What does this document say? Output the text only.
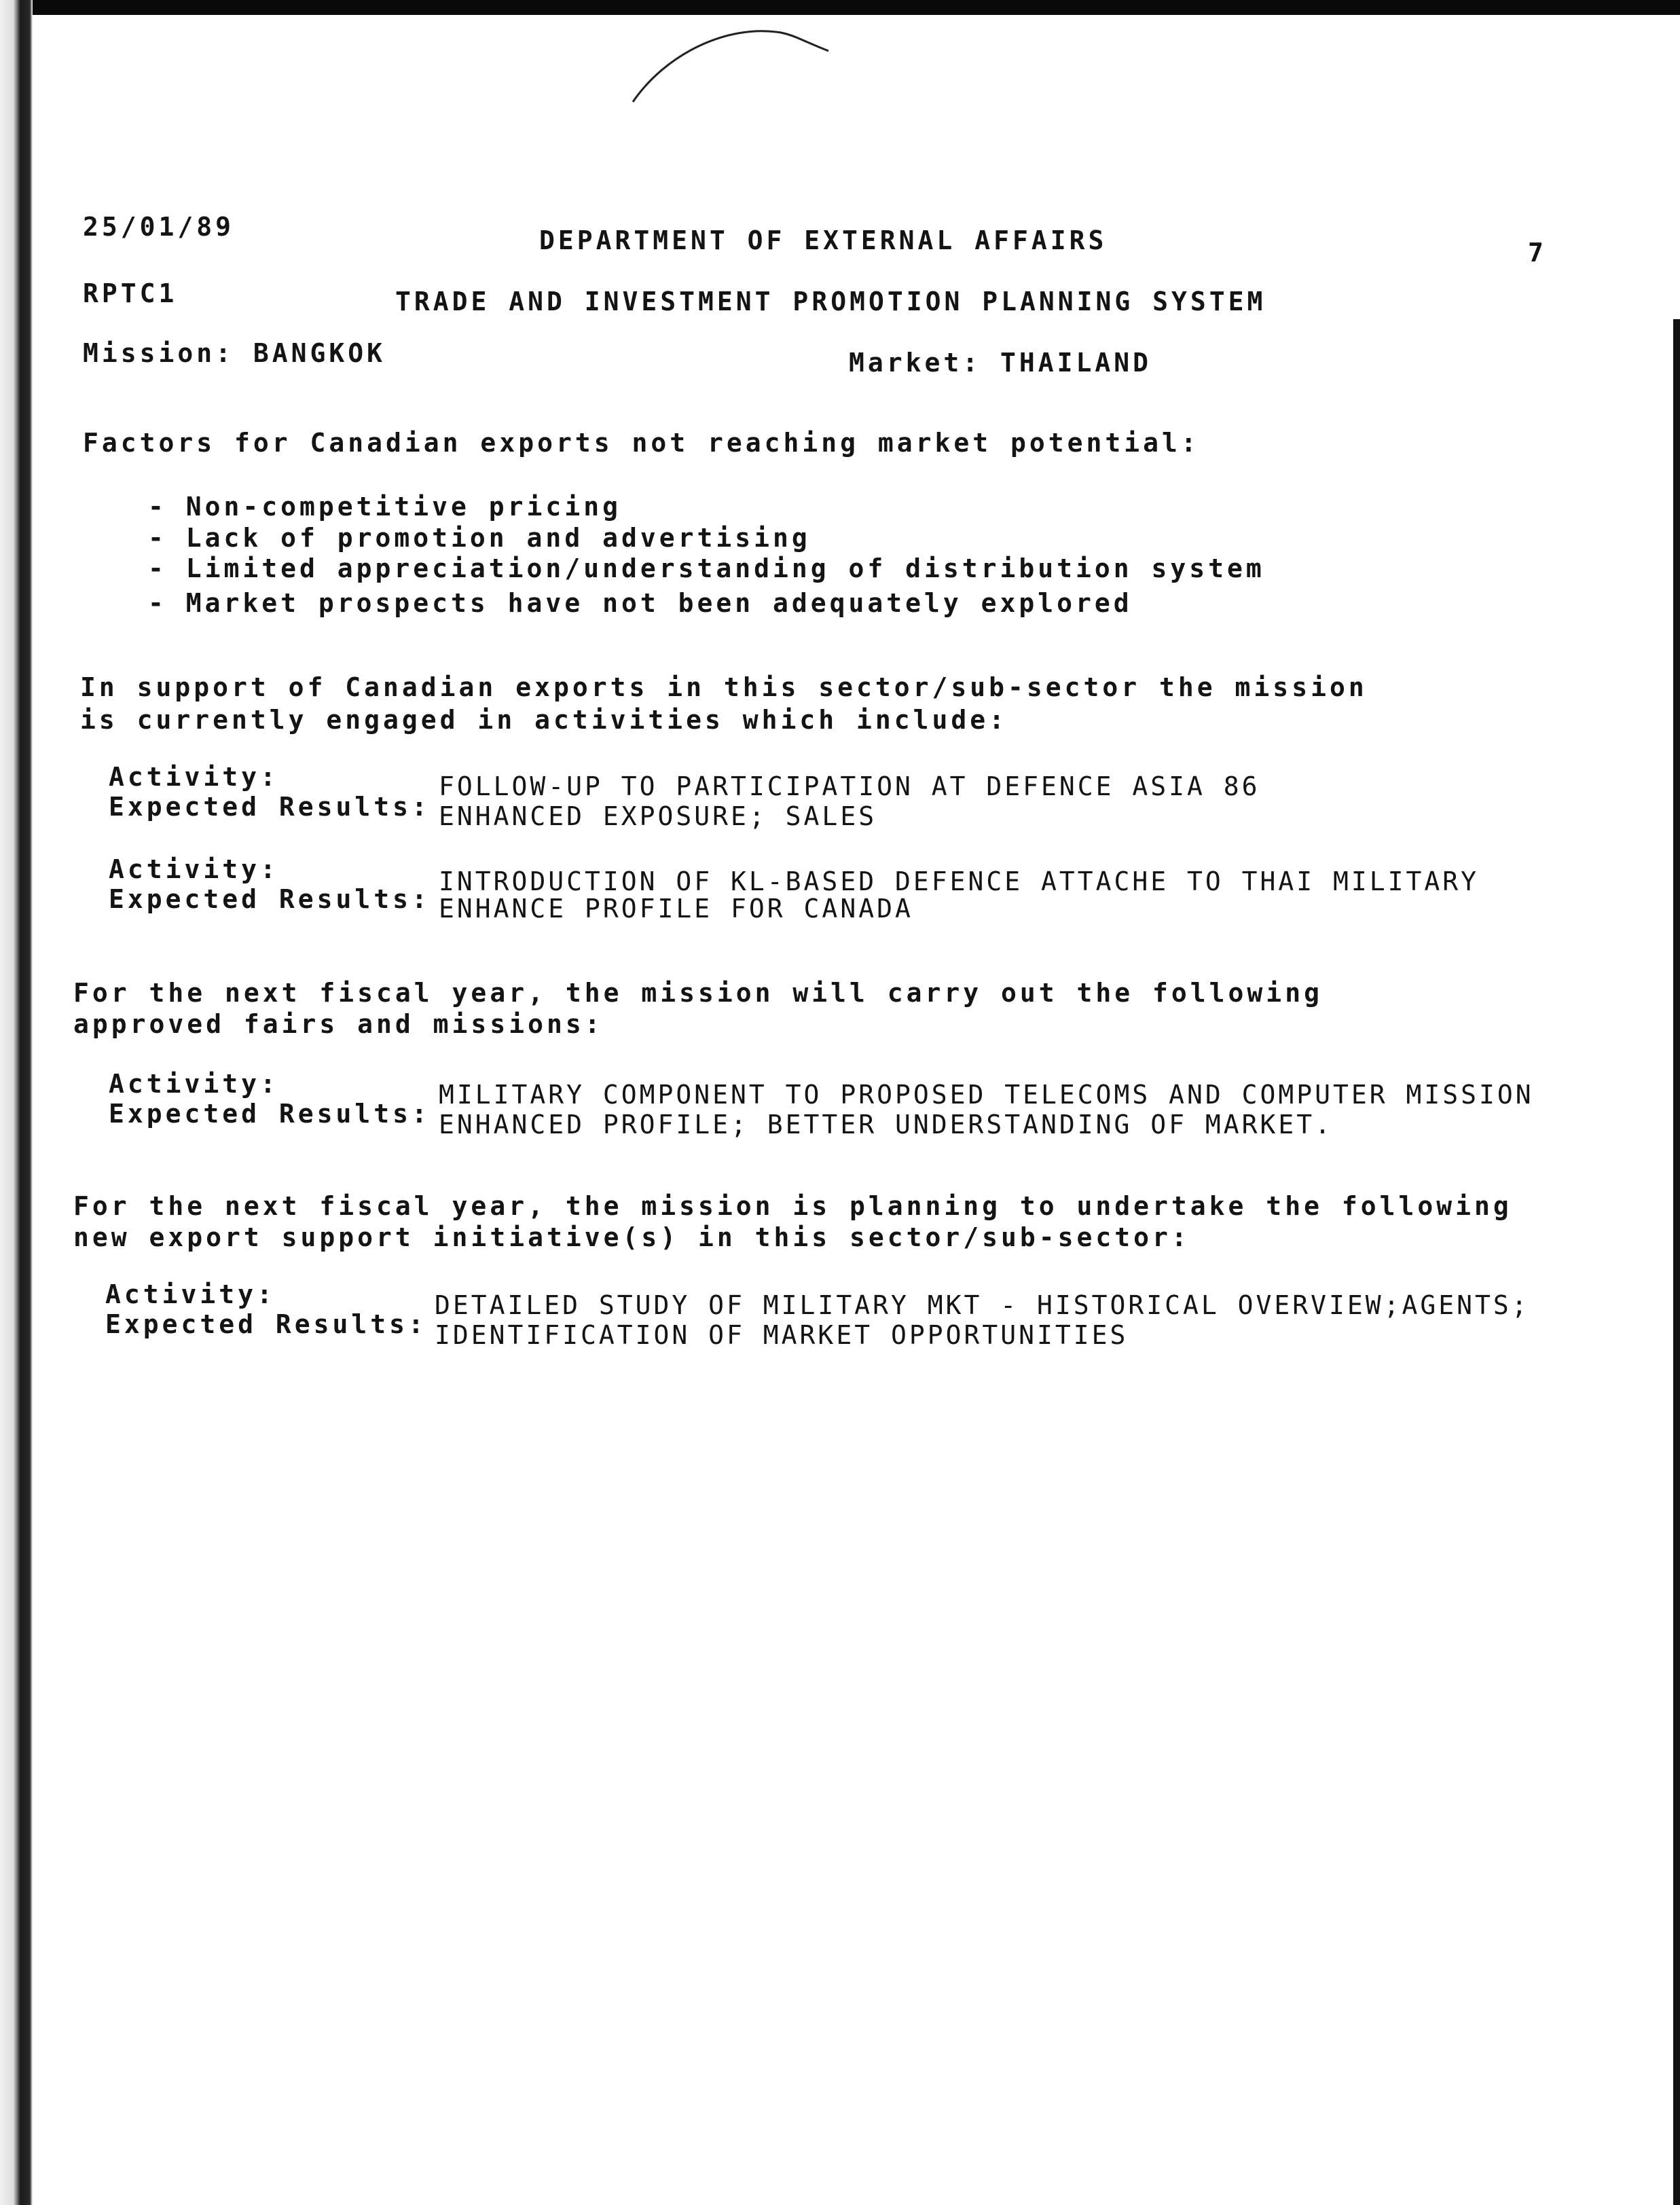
25/01/89	DEPARTMENT OF EXTERNAL AFFAIRS	7
RPTC1	TRADE AND INVESTMENT PROMOTION PLANNING SYSTEM
Mission: BANGKOK	Market: THAILAND
Factors for Canadian exports not reaching market potential:
- Non-competitive pricing
- Lack of promotion and advertising
- Limited appreciation/understanding of distribution system
- Market prospects have not been adequately explored
In support of Canadian exports in this sector/sub-sector the mission
is currently engaged in activities which include:
Activity:	FOLLOW-UP TO PARTICIPATION AT DEFENCE ASIA 86
Expected Results: ENHANCED EXPOSURE; SALES
Activity:	INTRODUCTION OF KL-BASED DEFENCE ATTACHE TO THAI MILITARY
Expected Results: ENHANCE PROFILE FOR CANADA
For the next fiscal year, the mission will carry out the following
approved fairs and missions:
Activity:	MILITARY COMPONENT TO PROPOSED TELECOMS AND COMPUTER MISSION
Expected Results: ENHANCED PROFILE; BETTER UNDERSTANDING OF MARKET.
For the next fiscal year, the mission is planning to undertake the following
new export support initiative(s) in this sector/sub-sector:
Activity:	DETAILED STUDY OF MILITARY MKT - HISTORICAL OVERVIEW;AGENTS;
Expected Results: IDENTIFICATION OF MARKET OPPORTUNITIES
